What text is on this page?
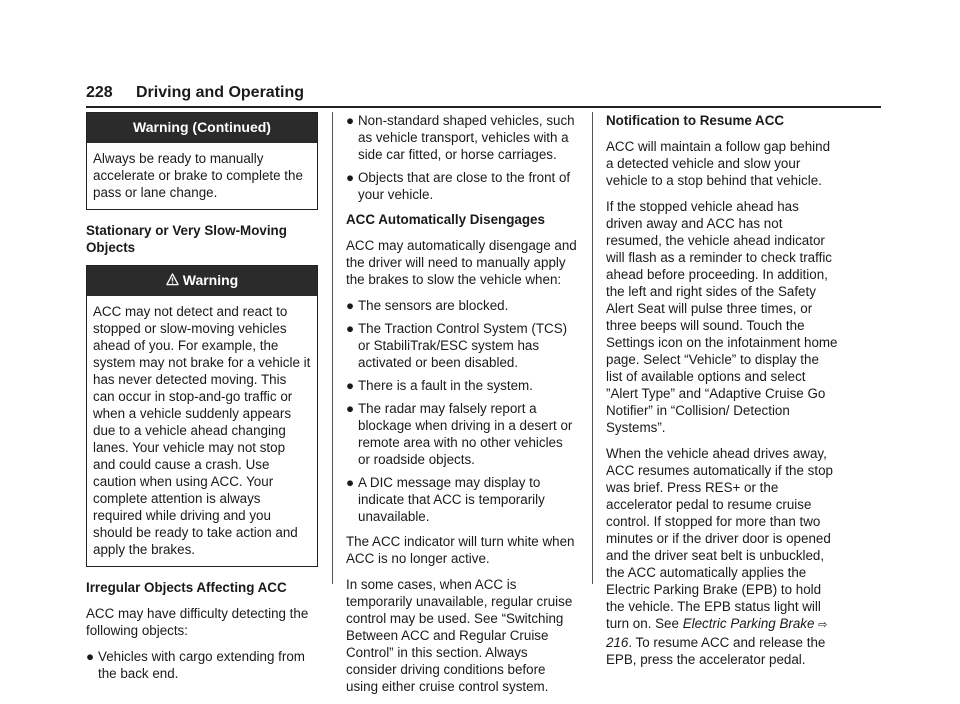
228 Driving and Operating
Warning (Continued)
Always be ready to manually accelerate or brake to complete the pass or lane change.
Stationary or Very Slow-Moving Objects
Warning
ACC may not detect and react to stopped or slow-moving vehicles ahead of you. For example, the system may not brake for a vehicle it has never detected moving. This can occur in stop-and-go traffic or when a vehicle suddenly appears due to a vehicle ahead changing lanes. Your vehicle may not stop and could cause a crash. Use caution when using ACC. Your complete attention is always required while driving and you should be ready to take action and apply the brakes.
Irregular Objects Affecting ACC

ACC may have difficulty detecting the following objects:

● Vehicles with cargo extending from the back end.
● Non-standard shaped vehicles, such as vehicle transport, vehicles with a side car fitted, or horse carriages.
● Objects that are close to the front of your vehicle.
ACC Automatically Disengages

ACC may automatically disengage and the driver will need to manually apply the brakes to slow the vehicle when:

● The sensors are blocked.
● The Traction Control System (TCS) or StabiliTrak/ESC system has activated or been disabled.
● There is a fault in the system.
● The radar may falsely report a blockage when driving in a desert or remote area with no other vehicles or roadside objects.
● A DIC message may display to indicate that ACC is temporarily unavailable.

The ACC indicator will turn white when ACC is no longer active.

In some cases, when ACC is temporarily unavailable, regular cruise control may be used. See “Switching Between ACC and Regular Cruise Control” in this section. Always consider driving conditions before using either cruise control system.

Notification to Resume ACC

ACC will maintain a follow gap behind a detected vehicle and slow your vehicle to a stop behind that vehicle.

If the stopped vehicle ahead has driven away and ACC has not resumed, the vehicle ahead indicator will flash as a reminder to check traffic ahead before proceeding. In addition, the left and right sides of the Safety Alert Seat will pulse three times, or three beeps will sound. Touch the Settings icon on the infotainment home page. Select “Vehicle” to display the list of available options and select ”Alert Type” and “Adaptive Cruise Go Notifier” in “Collision/ Detection Systems”.

When the vehicle ahead drives away, ACC resumes automatically if the stop was brief. Press RES+ or the accelerator pedal to resume cruise control. If stopped for more than two minutes or if the driver door is opened and the driver seat belt is unbuckled, the ACC automatically applies the Electric Parking Brake (EPB) to hold the vehicle. The EPB status light will turn on. See Electric Parking Brake ⇨ 216. To resume ACC and release the EPB, press the accelerator pedal.
